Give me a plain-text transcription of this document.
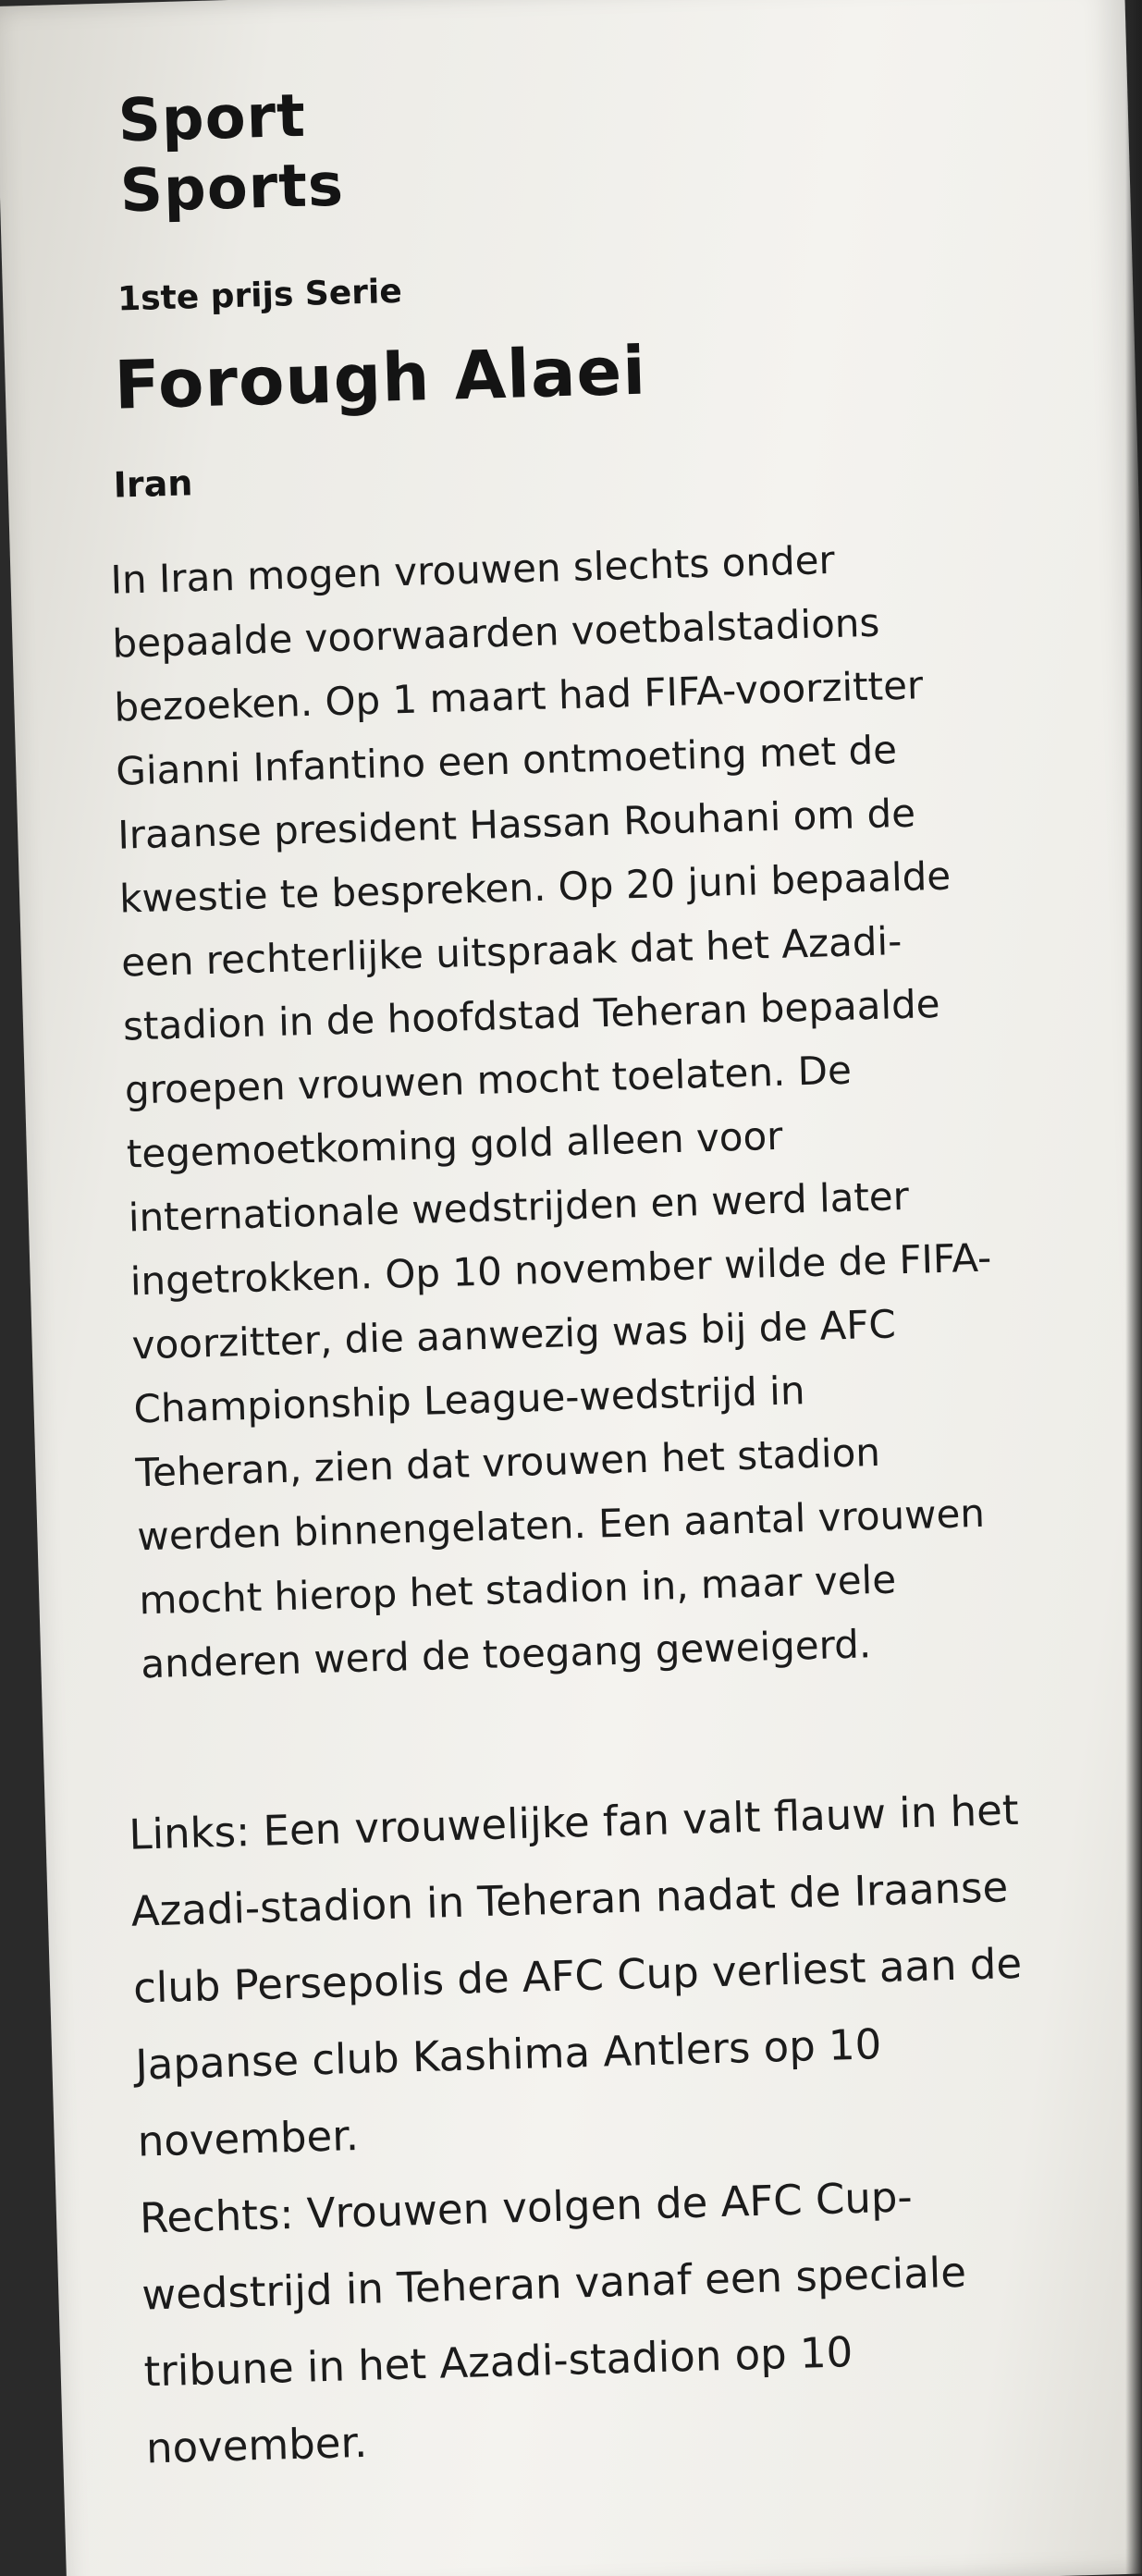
Sport
Sports
1ste prijs Serie
Forough Alaei
Iran
In Iran mogen vrouwen slechts onder
bepaalde voorwaarden voetbalstadions
bezoeken. Op 1 maart had FIFA-voorzitter
Gianni Infantino een ontmoeting met de
Iraanse president Hassan Rouhani om de
kwestie te bespreken. Op 20 juni bepaalde
een rechterlijke uitspraak dat het Azadi-
stadion in de hoofdstad Teheran bepaalde
groepen vrouwen mocht toelaten. De
tegemoetkoming gold alleen voor
internationale wedstrijden en werd later
ingetrokken. Op 10 november wilde de FIFA-
voorzitter, die aanwezig was bij de AFC
Championship League-wedstrijd in
Teheran, zien dat vrouwen het stadion
werden binnengelaten. Een aantal vrouwen
mocht hierop het stadion in, maar vele
anderen werd de toegang geweigerd.

Links: Een vrouwelijke fan valt flauw in het
Azadi-stadion in Teheran nadat de Iraanse
club Persepolis de AFC Cup verliest aan de
Japanse club Kashima Antlers op 10
november.

Rechts: Vrouwen volgen de AFC Cup-
wedstrijd in Teheran vanaf een speciale
tribune in het Azadi-stadion op 10
november.
